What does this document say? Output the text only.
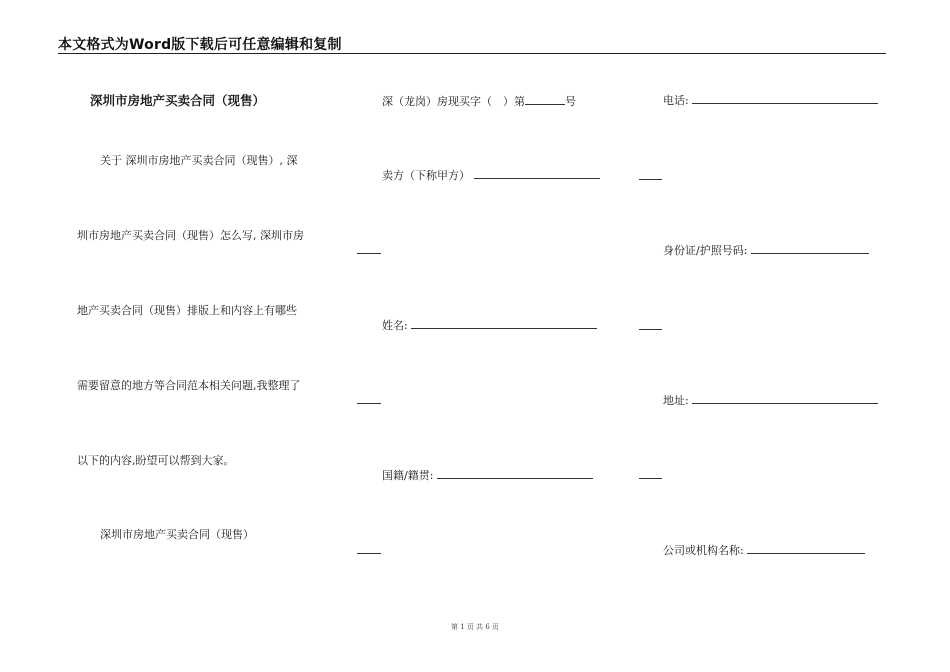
本文格式为Word版下载后可任意编辑和复制
深圳市房地产买卖合同（现售）
关于 深圳市房地产买卖合同（现售）, 深
圳市房地产买卖合同（现售）怎么写, 深圳市房
地产买卖合同（现售）排版上和内容上有哪些
需要留意的地方等合同范本相关问题,我整理了
以下的内容,盼望可以帮到大家。
深圳市房地产买卖合同（现售）
深（龙岗）房现买字（　）第	号
卖方（下称甲方）
姓名:
国籍/籍贯:
电话:
身份证/护照号码:
地址:
公司或机构名称:
第 1 页 共 6 页
